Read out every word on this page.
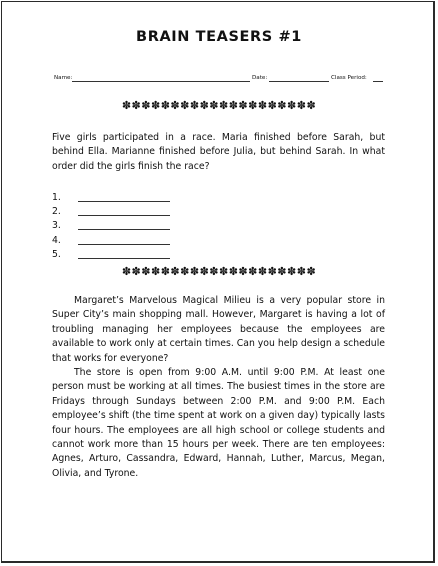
BRAIN TEASERS #1
Name:	Date:	Class Period:
✽✽✽✽✽✽✽✽✽✽✽✽✽✽✽✽✽✽✽✽

Five girls participated in a race. Maria finished before Sarah, but behind Ella. Marianne finished before Julia, but behind Sarah. In what order did the girls finish the race?

1.
2.
3.
4.
5.
✽✽✽✽✽✽✽✽✽✽✽✽✽✽✽✽✽✽✽✽

Margaret’s Marvelous Magical Milieu is a very popular store in Super City’s main shopping mall. However, Margaret is having a lot of troubling managing her employees because the employees are available to work only at certain times. Can you help design a schedule that works for everyone?

The store is open from 9:00 A.M. until 9:00 P.M. At least one person must be working at all times. The busiest times in the store are Fridays through Sundays between 2:00 P.M. and 9:00 P.M. Each employee’s shift (the time spent at work on a given day) typically lasts four hours. The employees are all high school or college students and cannot work more than 15 hours per week. There are ten employees: Agnes, Arturo, Cassandra, Edward, Hannah, Luther, Marcus, Megan, Olivia, and Tyrone.
